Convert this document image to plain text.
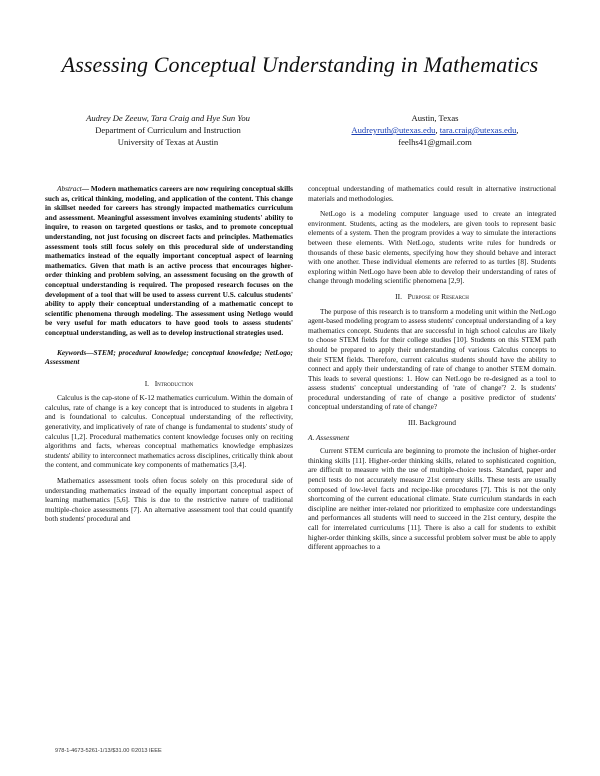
Assessing Conceptual Understanding in Mathematics
Audrey De Zeeuw, Tara Craig and Hye Sun You
Department of Curriculum and Instruction
University of Texas at Austin
Austin, Texas
Audreyruth@utexas.edu, tara.craig@utexas.edu,
feelhs41@gmail.com
Abstract— Modern mathematics careers are now requiring conceptual skills such as, critical thinking, modeling, and application of the content. This change in skillset needed for careers has strongly impacted mathematics curriculum and assessment. Meaningful assessment involves examining students' ability to inquire, to reason on targeted questions or tasks, and to promote conceptual understanding, not just focusing on discreet facts and principles. Mathematics assessment tools still focus solely on this procedural side of understanding mathematics instead of the equally important conceptual aspect of learning mathematics. Given that math is an active process that encourages higher-order thinking and problem solving, an assessment focusing on the growth of conceptual understanding is required. The proposed research focuses on the development of a tool that will be used to assess current U.S. calculus students' ability to apply their conceptual understanding of a mathematic concept to scientific phenomena through modeling. The assessment using Netlogo would be very useful for math educators to have good tools to assess students' conceptual understanding, as well as to develop instructional strategies used.
Keywords—STEM; procedural knowledge; conceptual knowledge; NetLogo; Assessment
I. Introduction

Calculus is the cap-stone of K-12 mathematics curriculum. Within the domain of calculus, rate of change is a key concept that is introduced to students in algebra I and is foundational to calculus. Conceptual understanding of the reflectivity, generativity, and implicatively of rate of change is fundamental to students' study of calculus [1,2]. Procedural mathematics content knowledge focuses only on reciting algorithms and facts, whereas conceptual mathematics knowledge emphasizes students' ability to interconnect mathematics across disciplines, critically think about the content, and communicate key components of mathematics [3,4].

Mathematics assessment tools often focus solely on this procedural side of understanding mathematics instead of the equally important conceptual aspect of learning mathematics [5,6]. This is due to the restrictive nature of traditional multiple-choice assessments [7]. An alternative assessment tool that could quantify both students' procedural and

conceptual understanding of mathematics could result in alternative instructional materials and methodologies.

NetLogo is a modeling computer language used to create an integrated environment. Students, acting as the modelers, are given tools to represent basic elements of a system. Then the program provides a way to simulate the interactions between these elements. With NetLogo, students write rules for hundreds or thousands of these basic elements, specifying how they should behave and interact with one another. These individual elements are referred to as turtles [8]. Students exploring within NetLogo have been able to develop their understanding of rates of change through modeling scientific phenomena [2,9].

II. Purpose of Research

The purpose of this research is to transform a modeling unit within the NetLogo agent-based modeling program to assess students' conceptual understanding of a key mathematics concept. Students that are successful in high school calculus are likely to choose STEM fields for their college studies [10]. Students on this STEM path should be prepared to apply their understanding of various Calculus concepts to their STEM fields. Therefore, current calculus students should have the ability to connect and apply their understanding of rate of change to another STEM domain. This leads to several questions: 1. How can NetLogo be re-designed as a tool to assess students' conceptual understanding of 'rate of change'? 2. Is students' procedural understanding of rate of change a positive predictor of students' conceptual understanding of rate of change?

III. Background
A. Assessment

Current STEM curricula are beginning to promote the inclusion of higher-order thinking skills [11]. Higher-order thinking skills, related to sophisticated cognition, are difficult to measure with the use of multiple-choice tests. Standard, paper and pencil tests do not accurately measure 21st century skills. These tests are usually composed of low-level facts and recipe-like procedures [7]. This is not the only shortcoming of the current educational climate. State curriculum standards in each discipline are neither inter-related nor prioritized to emphasize core understandings and performances all students will need to succeed in the 21st century, despite the call for interrelated curriculums [11]. There is also a call for students to exhibit higher-order thinking skills, since a successful problem solver must be able to apply different approaches to a

978-1-4673-5261-1/13/$31.00 ©2013 IEEE
